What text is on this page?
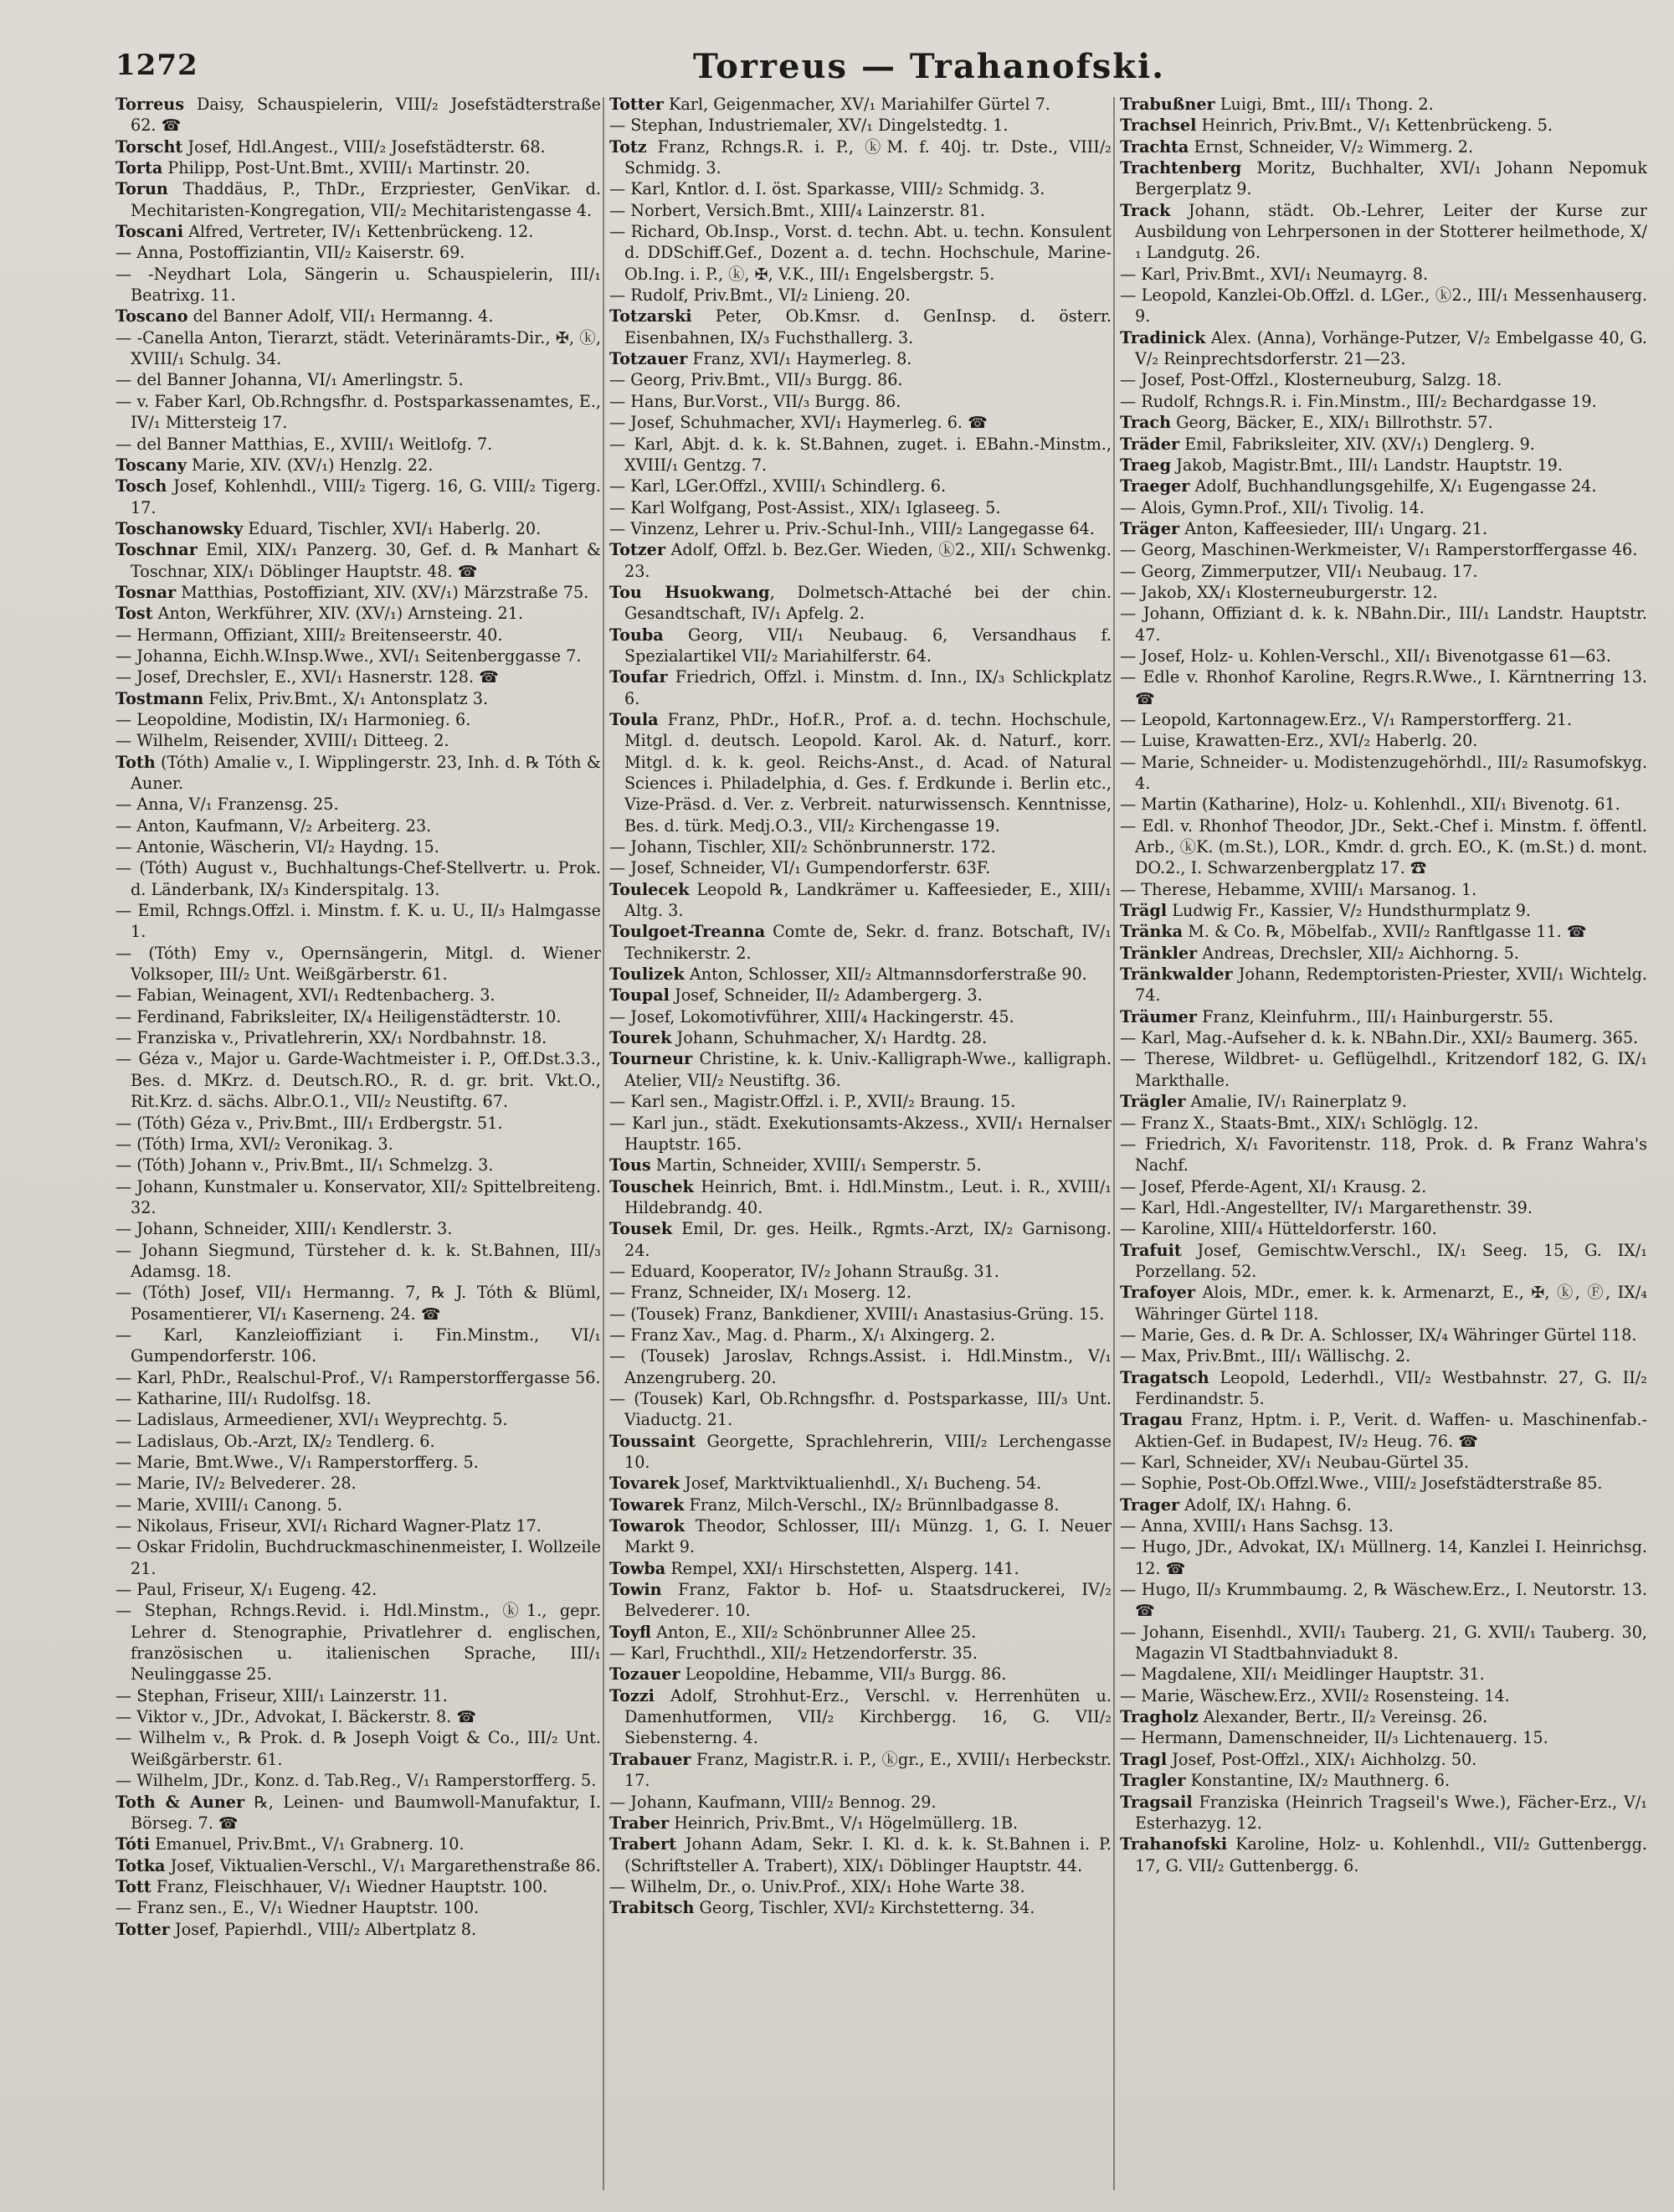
1272	Torreus — Trahanofski.

Torreus Daisy, Schauspielerin, VIII/₂ Josefstädterstraße 62. ☎

Torscht Josef, Hdl.Angest., VIII/₂ Josefstädterstr. 68.

Torta Philipp, Post-Unt.Bmt., XVIII/₁ Martinstr. 20.

Torun Thaddäus, P., ThDr., Erzpriester, GenVikar. d. Mechitaristen-Kongregation, VII/₂ Mechitaristengasse 4.

Toscani Alfred, Vertreter, IV/₁ Kettenbrückeng. 12.

— Anna, Postoffiziantin, VII/₂ Kaiserstr. 69.

— -Neydhart Lola, Sängerin u. Schauspielerin, III/₁ Beatrixg. 11.

Toscano del Banner Adolf, VII/₁ Hermanng. 4.

— -Canella Anton, Tierarzt, städt. Veterinäramts-Dir., ✠, ⓚ, XVIII/₁ Schulg. 34.

— del Banner Johanna, VI/₁ Amerlingstr. 5.

— v. Faber Karl, Ob.Rchngsfhr. d. Postsparkassenamtes, E., IV/₁ Mittersteig 17.

— del Banner Matthias, E., XVIII/₁ Weitlofg. 7.

Toscany Marie, XIV. (XV/₁) Henzlg. 22.

Tosch Josef, Kohlenhdl., VIII/₂ Tigerg. 16, G. VIII/₂ Tigerg. 17.

Toschanowsky Eduard, Tischler, XVI/₁ Haberlg. 20.

Toschnar Emil, XIX/₁ Panzerg. 30, Gef. d. ℞ Manhart & Toschnar, XIX/₁ Döblinger Hauptstr. 48. ☎

Tosnar Matthias, Postoffiziant, XIV. (XV/₁) Märzstraße 75.

Tost Anton, Werkführer, XIV. (XV/₁) Arnsteing. 21.

— Hermann, Offiziant, XIII/₂ Breitenseerstr. 40.

— Johanna, Eichh.W.Insp.Wwe., XVI/₁ Seitenberggasse 7.

— Josef, Drechsler, E., XVI/₁ Hasnerstr. 128. ☎

Tostmann Felix, Priv.Bmt., X/₁ Antonsplatz 3.

— Leopoldine, Modistin, IX/₁ Harmonieg. 6.

— Wilhelm, Reisender, XVIII/₁ Ditteeg. 2.

Toth (Tóth) Amalie v., I. Wipplingerstr. 23, Inh. d. ℞ Tóth & Auner.

— Anna, V/₁ Franzensg. 25.

— Anton, Kaufmann, V/₂ Arbeiterg. 23.

— Antonie, Wäscherin, VI/₂ Haydng. 15.

— (Tóth) August v., Buchhaltungs-Chef-Stellvertr. u. Prok. d. Länderbank, IX/₃ Kinderspitalg. 13.

— Emil, Rchngs.Offzl. i. Minstm. f. K. u. U., II/₃ Halmgasse 1.

— (Tóth) Emy v., Opernsängerin, Mitgl. d. Wiener Volksoper, III/₂ Unt. Weißgärberstr. 61.

— Fabian, Weinagent, XVI/₁ Redtenbacherg. 3.

— Ferdinand, Fabriksleiter, IX/₄ Heiligenstädterstr. 10.

— Franziska v., Privatlehrerin, XX/₁ Nordbahnstr. 18.

— Géza v., Major u. Garde-Wachtmeister i. P., Off.Dst.3.3., Bes. d. MKrz. d. Deutsch.RO., R. d. gr. brit. Vkt.O., Rit.Krz. d. sächs. Albr.O.1., VII/₂ Neustiftg. 67.

— (Tóth) Géza v., Priv.Bmt., III/₁ Erdbergstr. 51.

— (Tóth) Irma, XVI/₂ Veronikag. 3.

— (Tóth) Johann v., Priv.Bmt., II/₁ Schmelzg. 3.

— Johann, Kunstmaler u. Konservator, XII/₂ Spittelbreiteng. 32.

— Johann, Schneider, XIII/₁ Kendlerstr. 3.

— Johann Siegmund, Türsteher d. k. k. St.Bahnen, III/₃ Adamsg. 18.

— (Tóth) Josef, VII/₁ Hermanng. 7, ℞ J. Tóth & Blüml, Posamentierer, VI/₁ Kaserneng. 24. ☎

— Karl, Kanzleioffiziant i. Fin.Minstm., VI/₁ Gumpendorferstr. 106.

— Karl, PhDr., Realschul-Prof., V/₁ Ramperstorffergasse 56.

— Katharine, III/₁ Rudolfsg. 18.

— Ladislaus, Armeediener, XVI/₁ Weyprechtg. 5.

— Ladislaus, Ob.-Arzt, IX/₂ Tendlerg. 6.

— Marie, Bmt.Wwe., V/₁ Ramperstorfferg. 5.

— Marie, IV/₂ Belvederег. 28.

— Marie, XVIII/₁ Canong. 5.

— Nikolaus, Friseur, XVI/₁ Richard Wagner-Platz 17.

— Oskar Fridolin, Buchdruckmaschinenmeister, I. Wollzeile 21.

— Paul, Friseur, X/₁ Eugeng. 42.

— Stephan, Rchngs.Revid. i. Hdl.Minstm., ⓚ1., gepr. Lehrer d. Stenographie, Privatlehrer d. englischen, französischen u. italienischen Sprache, III/₁ Neulinggasse 25.

— Stephan, Friseur, XIII/₁ Lainzerstr. 11.

— Viktor v., JDr., Advokat, I. Bäckerstr. 8. ☎

— Wilhelm v., ℞ Prok. d. ℞ Joseph Voigt & Co., III/₂ Unt. Weißgärberstr. 61.

— Wilhelm, JDr., Konz. d. Tab.Reg., V/₁ Ramperstorfferg. 5.

Toth & Auner ℞, Leinen- und Baumwoll-Manufaktur, I. Börseg. 7. ☎

Tóti Emanuel, Priv.Bmt., V/₁ Grabnerg. 10.

Totka Josef, Viktualien-Verschl., V/₁ Margarethenstraße 86.

Tott Franz, Fleischhauer, V/₁ Wiedner Hauptstr. 100.

— Franz sen., E., V/₁ Wiedner Hauptstr. 100.

Totter Josef, Papierhdl., VIII/₂ Albertplatz 8.

Totter Karl, Geigenmacher, XV/₁ Mariahilfer Gürtel 7.

— Stephan, Industriemaler, XV/₁ Dingelstedtg. 1.

Totz Franz, Rchngs.R. i. P., ⓚM. f. 40j. tr. Dste., VIII/₂ Schmidg. 3.

— Karl, Kntlor. d. I. öst. Sparkasse, VIII/₂ Schmidg. 3.

— Norbert, Versich.Bmt., XIII/₄ Lainzerstr. 81.

— Richard, Ob.Insp., Vorst. d. techn. Abt. u. techn. Konsulent d. DDSchiff.Gef., Dozent a. d. techn. Hochschule, Marine-Ob.Ing. i. P., ⓚ, ✠, V.K., III/₁ Engelsbergstr. 5.

— Rudolf, Priv.Bmt., VI/₂ Linieng. 20.

Totzarski Peter, Ob.Kmsr. d. GenInsp. d. österr. Eisenbahnen, IX/₃ Fuchsthallerg. 3.

Totzauer Franz, XVI/₁ Haymerleg. 8.

— Georg, Priv.Bmt., VII/₃ Burgg. 86.

— Hans, Bur.Vorst., VII/₃ Burgg. 86.

— Josef, Schuhmacher, XVI/₁ Haymerleg. 6. ☎

— Karl, Abjt. d. k. k. St.Bahnen, zuget. i. EBahn.-Minstm., XVIII/₁ Gentzg. 7.

— Karl, LGer.Offzl., XVIII/₁ Schindlerg. 6.

— Karl Wolfgang, Post-Assist., XIX/₁ Iglaseeg. 5.

— Vinzenz, Lehrer u. Priv.-Schul-Inh., VIII/₂ Langegasse 64.

Totzer Adolf, Offzl. b. Bez.Ger. Wieden, ⓚ2., XII/₁ Schwenkg. 23.

Tou Hsuokwang, Dolmetsch-Attaché bei der chin. Gesandtschaft, IV/₁ Apfelg. 2.

Touba Georg, VII/₁ Neubaug. 6, Versandhaus f. Spezialartikel VII/₂ Mariahilferstr. 64.

Toufar Friedrich, Offzl. i. Minstm. d. Inn., IX/₃ Schlickplatz 6.

Toula Franz, PhDr., Hof.R., Prof. a. d. techn. Hochschule, Mitgl. d. deutsch. Leopold. Karol. Ak. d. Naturf., korr. Mitgl. d. k. k. geol. Reichs-Anst., d. Acad. of Natural Sciences i. Philadelphia, d. Ges. f. Erdkunde i. Berlin etc., Vize-Präsd. d. Ver. z. Verbreit. naturwissensch. Kenntnisse, Bes. d. türk. Medj.O.3., VII/₂ Kirchengasse 19.

— Johann, Tischler, XII/₂ Schönbrunnerstr. 172.

— Josef, Schneider, VI/₁ Gumpendorferstr. 63F.

Toulecek Leopold ℞, Landkrämer u. Kaffeesieder, E., XIII/₁ Altg. 3.

Toulgoet-Treanna Comte de, Sekr. d. franz. Botschaft, IV/₁ Technikerstr. 2.

Toulizek Anton, Schlosser, XII/₂ Altmannsdorferstraße 90.

Toupal Josef, Schneider, II/₂ Adambergerg. 3.

— Josef, Lokomotivführer, XIII/₄ Hackingerstr. 45.

Tourek Johann, Schuhmacher, X/₁ Hardtg. 28.

Tourneur Christine, k. k. Univ.-Kalligraph-Wwe., kalligraph. Atelier, VII/₂ Neustiftg. 36.

— Karl sen., Magistr.Offzl. i. P., XVII/₂ Braung. 15.

— Karl jun., städt. Exekutionsamts-Akzess., XVII/₁ Hernalser Hauptstr. 165.

Tous Martin, Schneider, XVIII/₁ Semperstr. 5.

Touschek Heinrich, Bmt. i. Hdl.Minstm., Leut. i. R., XVIII/₁ Hildebrandg. 40.

Tousek Emil, Dr. ges. Heilk., Rgmts.-Arzt, IX/₂ Garnisong. 24.

— Eduard, Kooperator, IV/₂ Johann Straußg. 31.

— Franz, Schneider, IX/₁ Moserg. 12.

— (Tousek) Franz, Bankdiener, XVIII/₁ Anastasius-Grüng. 15.

— Franz Xav., Mag. d. Pharm., X/₁ Alxingerg. 2.

— (Tousek) Jaroslav, Rchngs.Assist. i. Hdl.Minstm., V/₁ Anzengruberg. 20.

— (Tousek) Karl, Ob.Rchngsfhr. d. Postsparkasse, III/₃ Unt. Viaductg. 21.

Toussaint Georgette, Sprachlehrerin, VIII/₂ Lerchengasse 10.

Tovarek Josef, Marktviktualienhdl., X/₁ Bucheng. 54.

Towarek Franz, Milch-Verschl., IX/₂ Brünnlbadgasse 8.

Towarok Theodor, Schlosser, III/₁ Münzg. 1, G. I. Neuer Markt 9.

Towba Rempel, XXI/₁ Hirschstetten, Alsperg. 141.

Towin Franz, Faktor b. Hof- u. Staatsdruckerei, IV/₂ Belvederег. 10.

Toyfl Anton, E., XII/₂ Schönbrunner Allee 25.

— Karl, Fruchthdl., XII/₂ Hetzendorferstr. 35.

Tozauer Leopoldine, Hebamme, VII/₃ Burgg. 86.

Tozzi Adolf, Strohhut-Erz., Verschl. v. Herrenhüten u. Damenhutformen, VII/₂ Kirchbergg. 16, G. VII/₂ Siebensterng. 4.

Trabauer Franz, Magistr.R. i. P., ⓚgr., E., XVIII/₁ Herbeckstr. 17.

— Johann, Kaufmann, VIII/₂ Bennog. 29.

Traber Heinrich, Priv.Bmt., V/₁ Högelmüllerg. 1B.

Trabert Johann Adam, Sekr. I. Kl. d. k. k. St.Bahnen i. P. (Schriftsteller A. Trabert), XIX/₁ Döblinger Hauptstr. 44.

— Wilhelm, Dr., o. Univ.Prof., XIX/₁ Hohe Warte 38.

Trabitsch Georg, Tischler, XVI/₂ Kirchstetterng. 34.

Trabußner Luigi, Bmt., III/₁ Thong. 2.

Trachsel Heinrich, Priv.Bmt., V/₁ Kettenbrückeng. 5.

Trachta Ernst, Schneider, V/₂ Wimmerg. 2.

Trachtenberg Moritz, Buchhalter, XVI/₁ Johann Nepomuk Bergerplatz 9.

Track Johann, städt. Ob.-Lehrer, Leiter der Kurse zur Ausbildung von Lehrpersonen in der Stotterer heilmethode, X/₁ Landgutg. 26.

— Karl, Priv.Bmt., XVI/₁ Neumayrg. 8.

— Leopold, Kanzlei-Ob.Offzl. d. LGer., ⓚ2., III/₁ Messenhauserg. 9.

Tradinick Alex. (Anna), Vorhänge-Putzer, V/₂ Embelgasse 40, G. V/₂ Reinprechtsdorferstr. 21—23.

— Josef, Post-Offzl., Klosterneuburg, Salzg. 18.

— Rudolf, Rchngs.R. i. Fin.Minstm., III/₂ Bechardgasse 19.

Trach Georg, Bäcker, E., XIX/₁ Billrothstr. 57.

Träder Emil, Fabriksleiter, XIV. (XV/₁) Denglerg. 9.

Traeg Jakob, Magistr.Bmt., III/₁ Landstr. Hauptstr. 19.

Traeger Adolf, Buchhandlungsgehilfe, X/₁ Eugengasse 24.

— Alois, Gymn.Prof., XII/₁ Tivolig. 14.

Träger Anton, Kaffeesieder, III/₁ Ungarg. 21.

— Georg, Maschinen-Werkmeister, V/₁ Ramperstorffergasse 46.

— Georg, Zimmerputzer, VII/₁ Neubaug. 17.

— Jakob, XX/₁ Klosterneuburgerstr. 12.

— Johann, Offiziant d. k. k. NBahn.Dir., III/₁ Landstr. Hauptstr. 47.

— Josef, Holz- u. Kohlen-Verschl., XII/₁ Bivenotgasse 61—63.

— Edle v. Rhonhof Karoline, Regrs.R.Wwe., I. Kärntnerring 13. ☎

— Leopold, Kartonnagew.Erz., V/₁ Ramperstorfferg. 21.

— Luise, Krawatten-Erz., XVI/₂ Haberlg. 20.

— Marie, Schneider- u. Modistenzugehörhdl., III/₂ Rasumofskyg. 4.

— Martin (Katharine), Holz- u. Kohlenhdl., XII/₁ Bivenotg. 61.

— Edl. v. Rhonhof Theodor, JDr., Sekt.-Chef i. Minstm. f. öffentl. Arb., ⓚK. (m.St.), LOR., Kmdr. d. grch. EO., K. (m.St.) d. mont. DO.2., I. Schwarzenbergplatz 17. ☎

— Therese, Hebamme, XVIII/₁ Marsanog. 1.

Trägl Ludwig Fr., Kassier, V/₂ Hundsthurmplatz 9.

Tränka M. & Co. ℞, Möbelfab., XVII/₂ Ranftlgasse 11. ☎

Tränkler Andreas, Drechsler, XII/₂ Aichhorng. 5.

Tränkwalder Johann, Redemptoristen-Priester, XVII/₁ Wichtelg. 74.

Träumer Franz, Kleinfuhrm., III/₁ Hainburgerstr. 55.

— Karl, Mag.-Aufseher d. k. k. NBahn.Dir., XXI/₂ Baumerg. 365.

— Therese, Wildbret- u. Geflügelhdl., Kritzendorf 182, G. IX/₁ Markthalle.

Trägler Amalie, IV/₁ Rainerplatz 9.

— Franz X., Staats-Bmt., XIX/₁ Schlöglg. 12.

— Friedrich, X/₁ Favoritenstr. 118, Prok. d. ℞ Franz Wahra's Nachf.

— Josef, Pferde-Agent, XI/₁ Krausg. 2.

— Karl, Hdl.-Angestellter, IV/₁ Margarethenstr. 39.

— Karoline, XIII/₄ Hütteldorferstr. 160.

Trafuit Josef, Gemischtw.Verschl., IX/₁ Seeg. 15, G. IX/₁ Porzellang. 52.

Trafoyer Alois, MDr., emer. k. k. Armenarzt, E., ✠, ⓚ, Ⓕ, IX/₄ Währinger Gürtel 118.

— Marie, Ges. d. ℞ Dr. A. Schlosser, IX/₄ Währinger Gürtel 118.

— Max, Priv.Bmt., III/₁ Wällischg. 2.

Tragatsch Leopold, Lederhdl., VII/₂ Westbahnstr. 27, G. II/₂ Ferdinandstr. 5.

Tragau Franz, Hptm. i. P., Verit. d. Waffen- u. Maschinenfab.-Aktien-Gef. in Budapest, IV/₂ Heug. 76. ☎

— Karl, Schneider, XV/₁ Neubau-Gürtel 35.

— Sophie, Post-Ob.Offzl.Wwe., VIII/₂ Josefstädterstraße 85.

Trager Adolf, IX/₁ Hahng. 6.

— Anna, XVIII/₁ Hans Sachsg. 13.

— Hugo, JDr., Advokat, IX/₁ Müllnerg. 14, Kanzlei I. Heinrichsg. 12. ☎

— Hugo, II/₃ Krummbaumg. 2, ℞ Wäschew.Erz., I. Neutorstr. 13. ☎

— Johann, Eisenhdl., XVII/₁ Tauberg. 21, G. XVII/₁ Tauberg. 30, Magazin VI Stadtbahnviadukt 8.

— Magdalene, XII/₁ Meidlinger Hauptstr. 31.

— Marie, Wäschew.Erz., XVII/₂ Rosensteing. 14.

Tragholz Alexander, Bertr., II/₂ Vereinsg. 26.

— Hermann, Damenschneider, II/₃ Lichtenauerg. 15.

Tragl Josef, Post-Offzl., XIX/₁ Aichholzg. 50.

Tragler Konstantine, IX/₂ Mauthnerg. 6.

Tragsail Franziska (Heinrich Tragseil's Wwe.), Fächer-Erz., V/₁ Esterhazyg. 12.

Trahanofski Karoline, Holz- u. Kohlenhdl., VII/₂ Guttenbergg. 17, G. VII/₂ Guttenbergg. 6.
